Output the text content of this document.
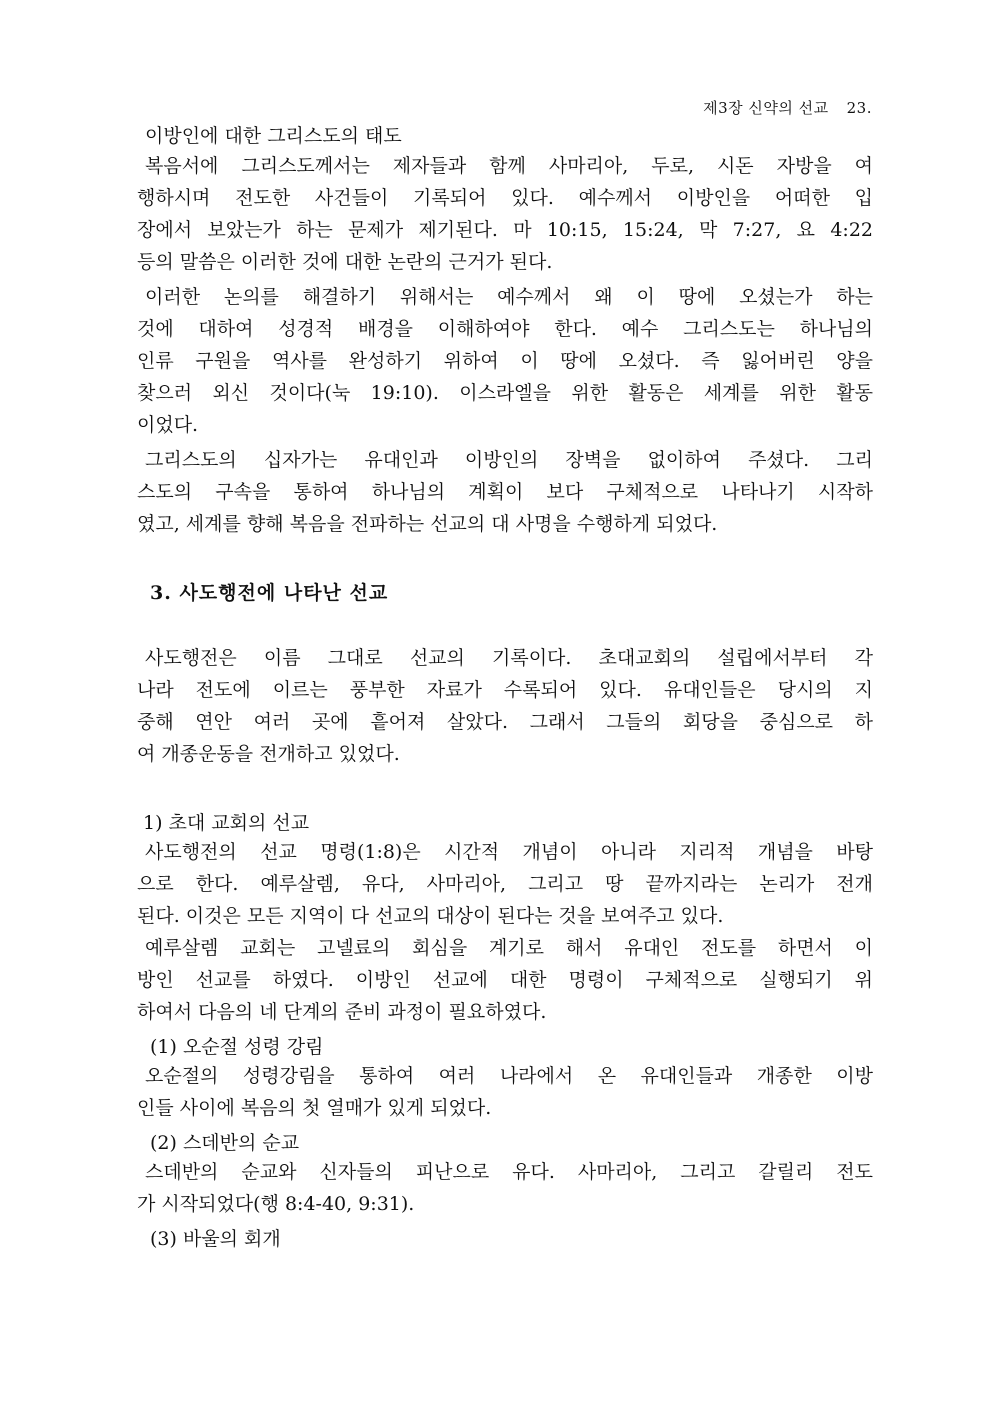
제3장 신약의 선교 23.
이방인에 대한 그리스도의 태도
복음서에 그리스도께서는 제자들과 함께 사마리아, 두로, 시돈 자방을 여
행하시며 전도한 사건들이 기록되어 있다. 예수께서 이방인을 어떠한 입
장에서 보았는가 하는 문제가 제기된다. 마 10:15, 15:24, 막 7:27, 요 4:22
등의 말씀은 이러한 것에 대한 논란의 근거가 된다.
이러한 논의를 해결하기 위해서는 예수께서 왜 이 땅에 오셨는가 하는
것에 대하여 성경적 배경을 이해하여야 한다. 예수 그리스도는 하나님의
인류 구원을 역사를 완성하기 위하여 이 땅에 오셨다. 즉 잃어버린 양을
찾으러 외신 것이다(눅 19:10). 이스라엘을 위한 활동은 세계를 위한 활동
이었다.
그리스도의 십자가는 유대인과 이방인의 장벽을 없이하여 주셨다. 그리
스도의 구속을 통하여 하나님의 계획이 보다 구체적으로 나타나기 시작하
였고, 세계를 향해 복음을 전파하는 선교의 대 사명을 수행하게 되었다.
3. 사도행전에 나타난 선교
사도행전은 이름 그대로 선교의 기록이다. 초대교회의 설립에서부터 각
나라 전도에 이르는 풍부한 자료가 수록되어 있다. 유대인들은 당시의 지
중해 연안 여러 곳에 흩어져 살았다. 그래서 그들의 회당을 중심으로 하
여 개종운동을 전개하고 있었다.
1) 초대 교회의 선교
사도행전의 선교 명령(1:8)은 시간적 개념이 아니라 지리적 개념을 바탕
으로 한다. 예루살렘, 유다, 사마리아, 그리고 땅 끝까지라는 논리가 전개
된다. 이것은 모든 지역이 다 선교의 대상이 된다는 것을 보여주고 있다.
예루살렘 교회는 고넬료의 회심을 계기로 해서 유대인 전도를 하면서 이
방인 선교를 하였다. 이방인 선교에 대한 명령이 구체적으로 실행되기 위
하여서 다음의 네 단계의 준비 과정이 필요하였다.
(1) 오순절 성령 강림
오순절의 성령강림을 통하여 여러 나라에서 온 유대인들과 개종한 이방
인들 사이에 복음의 첫 열매가 있게 되었다.
(2) 스데반의 순교
스데반의 순교와 신자들의 피난으로 유다. 사마리아, 그리고 갈릴리 전도
가 시작되었다(행 8:4-40, 9:31).
(3) 바울의 회개
